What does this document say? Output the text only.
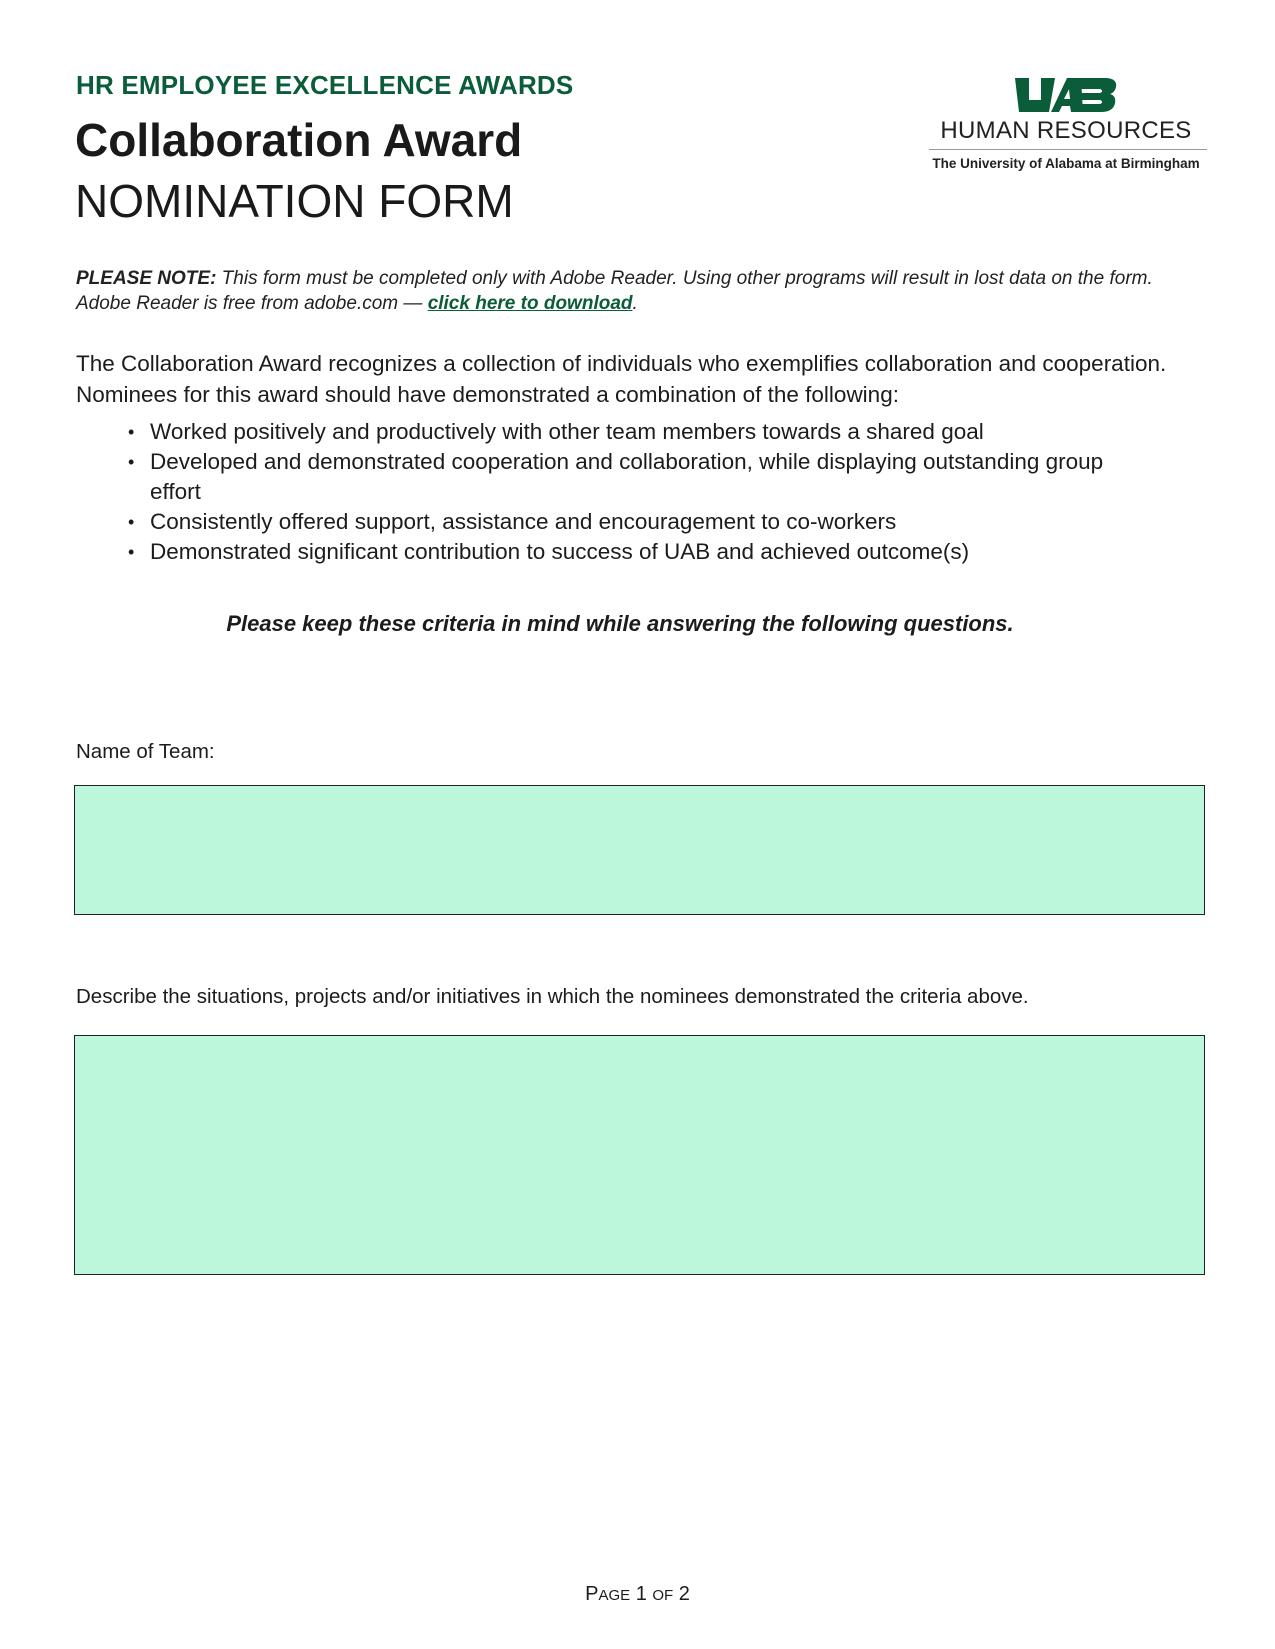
HR EMPLOYEE EXCELLENCE AWARDS
Collaboration Award
NOMINATION FORM
HUMAN RESOURCES
The University of Alabama at Birmingham
PLEASE NOTE: This form must be completed only with Adobe Reader. Using other programs will result in lost data on the form. Adobe Reader is free from adobe.com — click here to download.
The Collaboration Award recognizes a collection of individuals who exemplifies collaboration and cooperation. Nominees for this award should have demonstrated a combination of the following:
• Worked positively and productively with other team members towards a shared goal
• Developed and demonstrated cooperation and collaboration, while displaying outstanding group effort
• Consistently offered support, assistance and encouragement to co-workers
• Demonstrated significant contribution to success of UAB and achieved outcome(s)
Please keep these criteria in mind while answering the following questions.
Name of Team:
Describe the situations, projects and/or initiatives in which the nominees demonstrated the criteria above.
PAGE 1 OF 2
